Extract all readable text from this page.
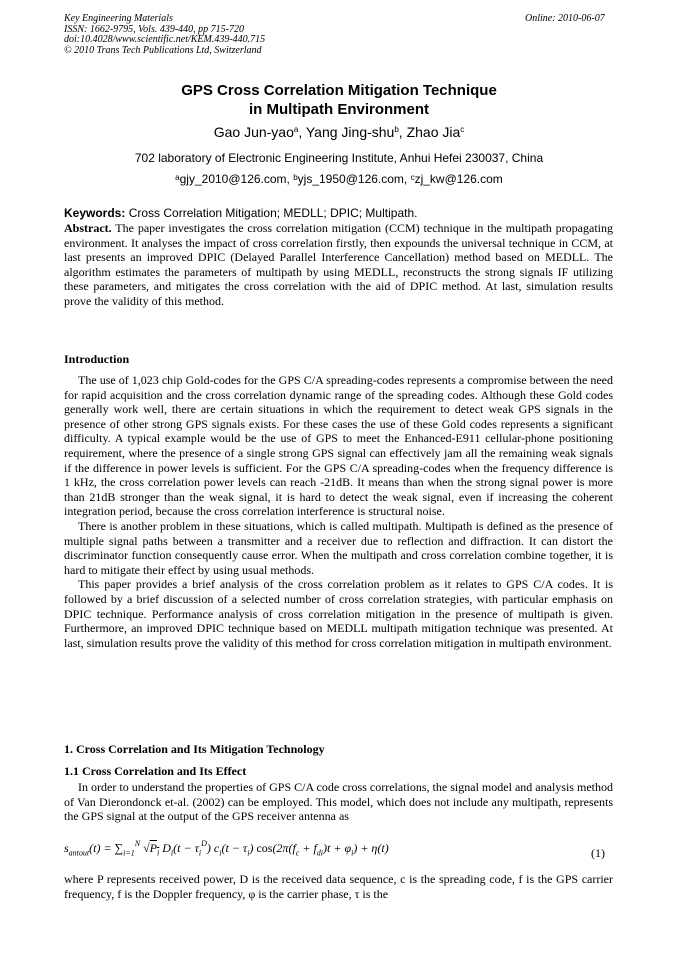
Key Engineering Materials
ISSN: 1662-9795, Vols. 439-440, pp 715-720
doi:10.4028/www.scientific.net/KEM.439-440.715
© 2010 Trans Tech Publications Ltd, Switzerland
Online: 2010-06-07
GPS Cross Correlation Mitigation Technique
in Multipath Environment
Gao Jun-yao$^a$, Yang Jing-shu$^b$, Zhao Jia$^c$
702 laboratory of Electronic Engineering Institute, Anhui Hefei 230037, China
$^a$gjy_2010@126.com, $^b$yjs_1950@126.com, $^c$zj_kw@126.com
Keywords: Cross Correlation Mitigation; MEDLL; DPIC; Multipath.
Abstract. The paper investigates the cross correlation mitigation (CCM) technique in the multipath propagating environment. It analyses the impact of cross correlation firstly, then expounds the universal technique in CCM, at last presents an improved DPIC (Delayed Parallel Interference Cancellation) method based on MEDLL. The algorithm estimates the parameters of multipath by using MEDLL, reconstructs the strong signals IF utilizing these parameters, and mitigates the cross correlation with the aid of DPIC method. At last, simulation results prove the validity of this method.
Introduction

The use of 1,023 chip Gold-codes for the GPS C/A spreading-codes represents a compromise between the need for rapid acquisition and the cross correlation dynamic range of the spreading codes. Although these Gold codes generally work well, there are certain situations in which the requirement to detect weak GPS signals in the presence of other strong GPS signals exists. For these cases the use of these Gold codes represents a significant difficulty. A typical example would be the use of GPS to meet the Enhanced-E911 cellular-phone positioning requirement, where the presence of a single strong GPS signal can effectively jam all the remaining weak signals if the difference in power levels is sufficient. For the GPS C/A spreading-codes when the frequency difference is 1 kHz, the cross correlation power levels can reach -21dB. It means than when the strong signal power is more than 21dB stronger than the weak signal, it is hard to detect the weak signal, even if increasing the coherent integration period, because the cross correlation interference is structural noise.

There is another problem in these situations, which is called multipath. Multipath is defined as the presence of multiple signal paths between a transmitter and a receiver due to reflection and diffraction. It can distort the discriminator function consequently cause error. When the multipath and cross correlation combine together, it is hard to mitigate their effect by using usual methods.

This paper provides a brief analysis of the cross correlation problem as it relates to GPS C/A codes. It is followed by a brief discussion of a selected number of cross correlation strategies, with particular emphasis on DPIC technique. Performance analysis of cross correlation mitigation in the presence of multipath is given. Furthermore, an improved DPIC technique based on MEDLL multipath mitigation technique was presented. At last, simulation results prove the validity of this method for cross correlation mitigation in multipath environment.

1. Cross Correlation and Its Mitigation Technology
1.1 Cross Correlation and Its Effect

In order to understand the properties of GPS C/A code cross correlations, the signal model and analysis method of Van Dierondonck et-al. (2002) can be employed. This model, which does not include any multipath, represents the GPS signal at the output of the GPS receiver antenna as

$s_{antout}(t) = \sum_{i=1}^N$ $√P_i$ $D_i(t - \tau_i^D) c_i(t - \tau_i) \cos(2\pi(f_c + f_{di})t + \varphi_i) + \eta(t)$	(1)
where P represents received power, D is the received data sequence, c is the spreading code, f is the GPS carrier frequency, f is the Doppler frequency, φ is the carrier phase, τ is the
